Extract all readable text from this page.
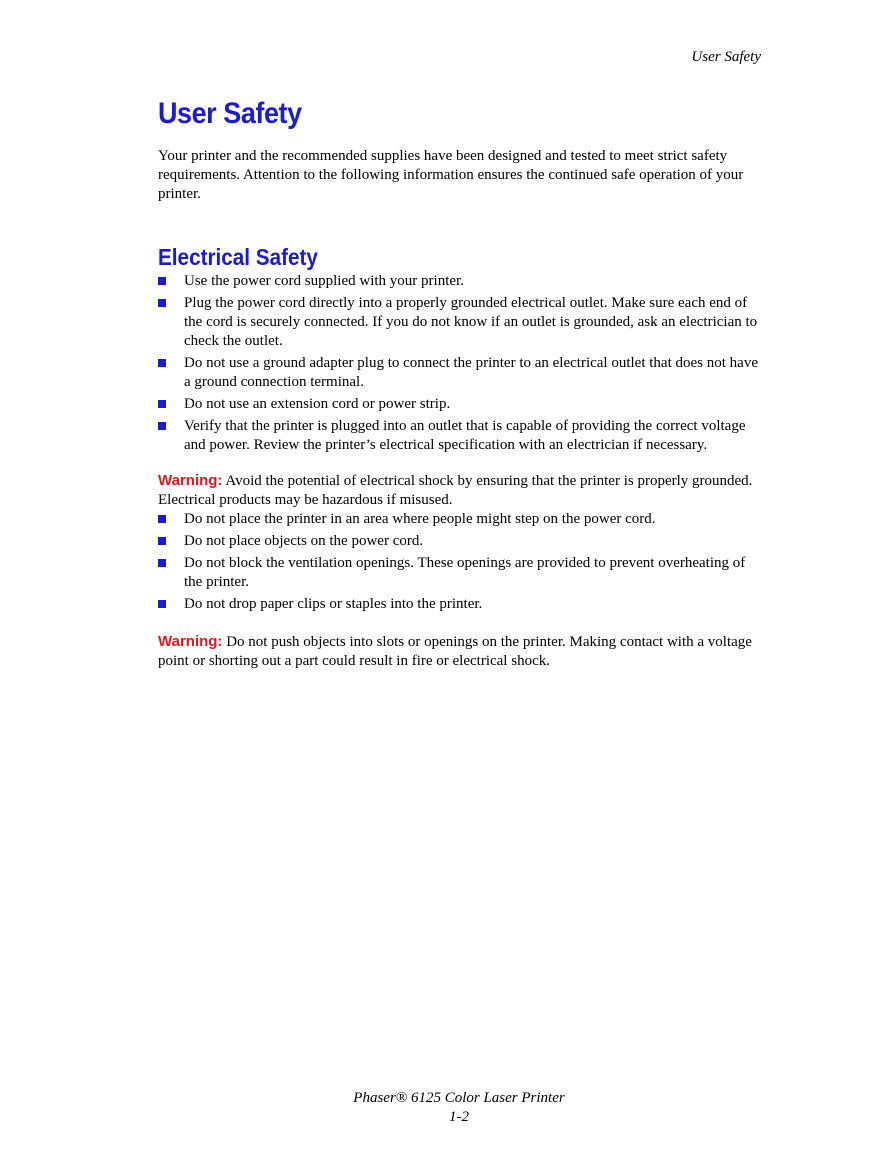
User Safety
User Safety

Your printer and the recommended supplies have been designed and tested to meet strict safety requirements. Attention to the following information ensures the continued safe operation of your printer.

Electrical Safety
Use the power cord supplied with your printer.
Plug the power cord directly into a properly grounded electrical outlet. Make sure each end of the cord is securely connected. If you do not know if an outlet is grounded, ask an electrician to check the outlet.
Do not use a ground adapter plug to connect the printer to an electrical outlet that does not have a ground connection terminal.
Do not use an extension cord or power strip.
Verify that the printer is plugged into an outlet that is capable of providing the correct voltage and power. Review the printer’s electrical specification with an electrician if necessary.

Warning: Avoid the potential of electrical shock by ensuring that the printer is properly grounded. Electrical products may be hazardous if misused.

Do not place the printer in an area where people might step on the power cord.
Do not place objects on the power cord.
Do not block the ventilation openings. These openings are provided to prevent overheating of the printer.
Do not drop paper clips or staples into the printer.

Warning: Do not push objects into slots or openings on the printer. Making contact with a voltage point or shorting out a part could result in fire or electrical shock.

Phaser® 6125 Color Laser Printer
1-2
